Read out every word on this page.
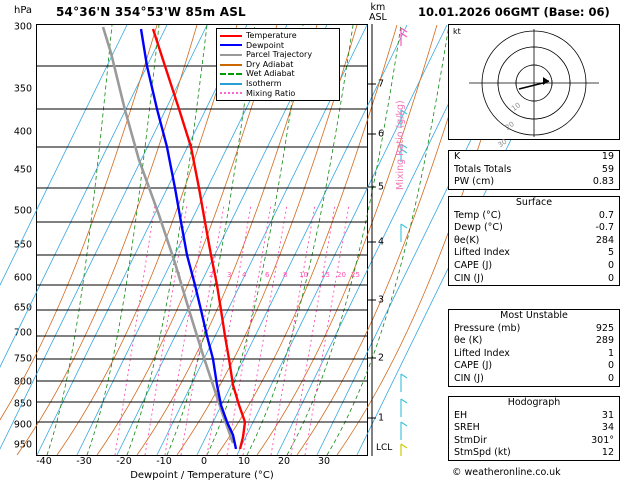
hPa 54°36'N 354°53'W 85m ASL	km
ASL	10.01.2026 06GMT (Base: 06)
300
350
400
450
500
550
600
650
700
750
800
850
900
950
1	2 3 4	6 8 10 15 20 25
Temperature
Dewpoint
Parcel Trajectory
Dry Adiabat
Wet Adiabat
Isotherm
Mixing Ratio
-40	-30	-20	-10	0	10	20	30
Dewpoint / Temperature (°C)
1
2
3
4
5
6
7
LCL
Mixing Ratio (g/kg)
kt
10
20
30
K	19
Totals Totals	59
PW (cm)	0.83
Surface
Temp (°C)	0.7
Dewp (°C)	-0.7
θe(K)	284
Lifted Index	5
CAPE (J)	0
CIN (J)	0
Most Unstable
Pressure (mb)	925
θe (K)	289
Lifted Index	1
CAPE (J)	0
CIN (J)	0
Hodograph
EH	31
SREH	34
StmDir	301°
StmSpd (kt)	12
© weatheronline.co.uk
